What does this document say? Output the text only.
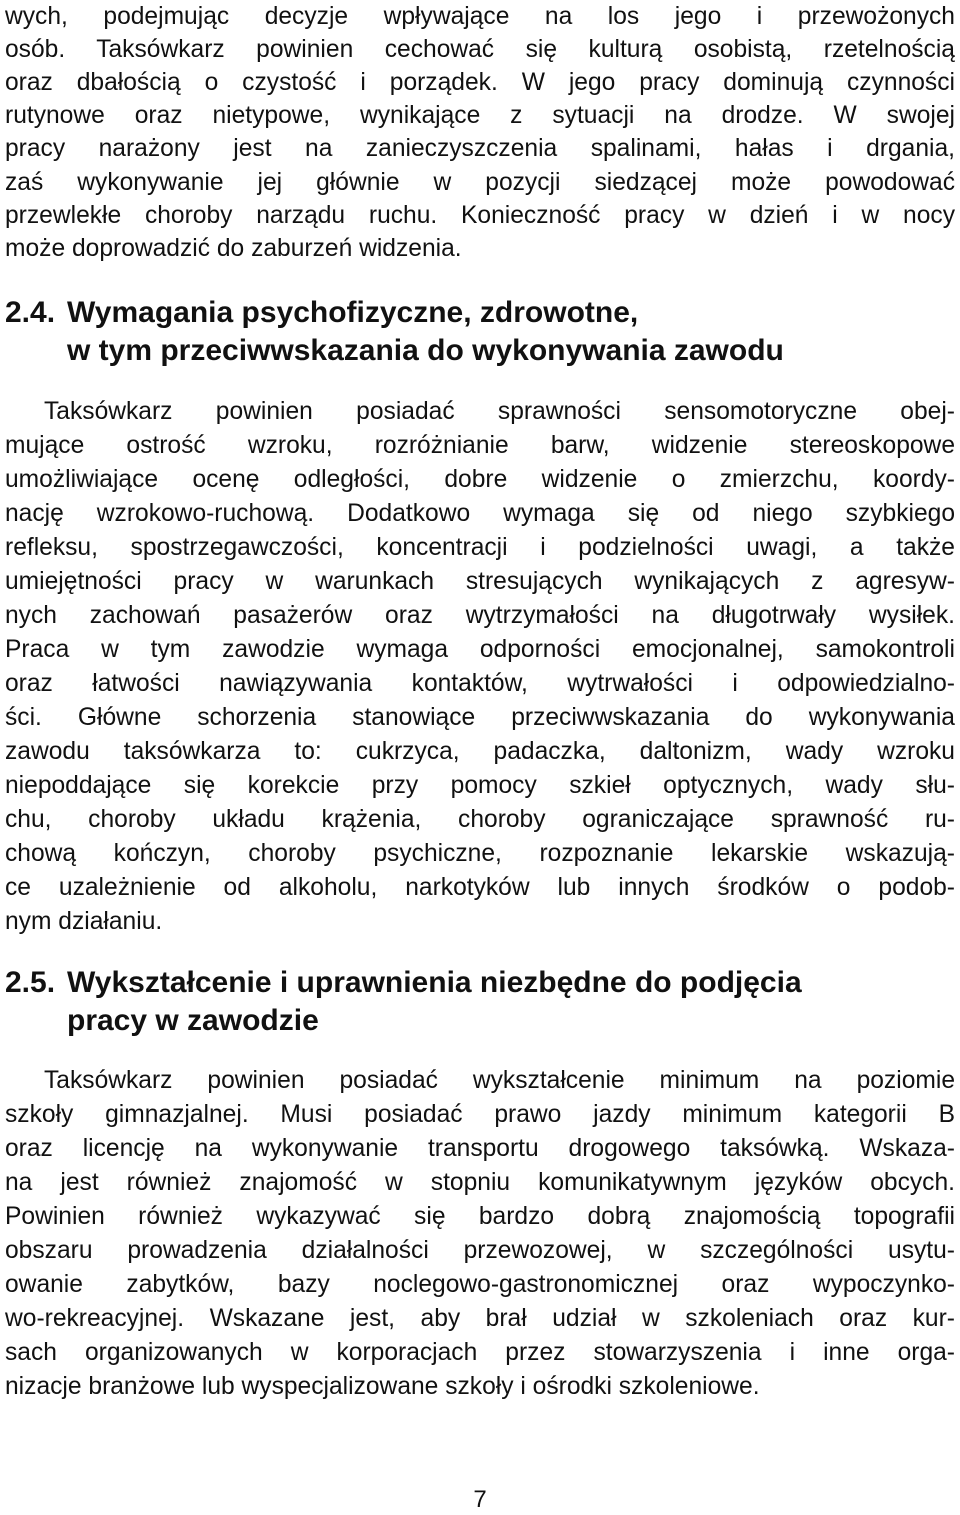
wych, podejmując decyzje wpływające na los jego i przewożonych
osób. Taksówkarz powinien cechować się kulturą osobistą, rzetelnością
oraz dbałością o czystość i porządek. W jego pracy dominują czynności
rutynowe oraz nietypowe, wynikające z sytuacji na drodze. W swojej
pracy narażony jest na zanieczyszczenia spalinami, hałas i drgania,
zaś wykonywanie jej głównie w pozycji siedzącej może powodować
przewlekłe choroby narządu ruchu. Konieczność pracy w dzień i w nocy
może doprowadzić do zaburzeń widzenia.
2.4. Wymagania psychofizyczne, zdrowotne,
w tym przeciwwskazania do wykonywania zawodu
Taksówkarz powinien posiadać sprawności sensomotoryczne obej-
mujące ostrość wzroku, rozróżnianie barw, widzenie stereoskopowe
umożliwiające ocenę odległości, dobre widzenie o zmierzchu, koordy-
nację wzrokowo-ruchową. Dodatkowo wymaga się od niego szybkiego
refleksu, spostrzegawczości, koncentracji i podzielności uwagi, a także
umiejętności pracy w warunkach stresujących wynikających z agresyw-
nych zachowań pasażerów oraz wytrzymałości na długotrwały wysiłek.
Praca w tym zawodzie wymaga odporności emocjonalnej, samokontroli
oraz łatwości nawiązywania kontaktów, wytrwałości i odpowiedzialno-
ści. Główne schorzenia stanowiące przeciwwskazania do wykonywania
zawodu taksówkarza to: cukrzyca, padaczka, daltonizm, wady wzroku
niepoddające się korekcie przy pomocy szkieł optycznych, wady słu-
chu, choroby układu krążenia, choroby ograniczające sprawność ru-
chową kończyn, choroby psychiczne, rozpoznanie lekarskie wskazują-
ce uzależnienie od alkoholu, narkotyków lub innych środków o podob-
nym działaniu.
2.5. Wykształcenie i uprawnienia niezbędne do podjęcia
pracy w zawodzie
Taksówkarz powinien posiadać wykształcenie minimum na poziomie
szkoły gimnazjalnej. Musi posiadać prawo jazdy minimum kategorii B
oraz licencję na wykonywanie transportu drogowego taksówką. Wskaza-
na jest również znajomość w stopniu komunikatywnym języków obcych.
Powinien również wykazywać się bardzo dobrą znajomością topografii
obszaru prowadzenia działalności przewozowej, w szczególności usytu-
owanie zabytków, bazy noclegowo-gastronomicznej oraz wypoczynko-
wo-rekreacyjnej. Wskazane jest, aby brał udział w szkoleniach oraz kur-
sach organizowanych w korporacjach przez stowarzyszenia i inne orga-
nizacje branżowe lub wyspecjalizowane szkoły i ośrodki szkoleniowe.
7
